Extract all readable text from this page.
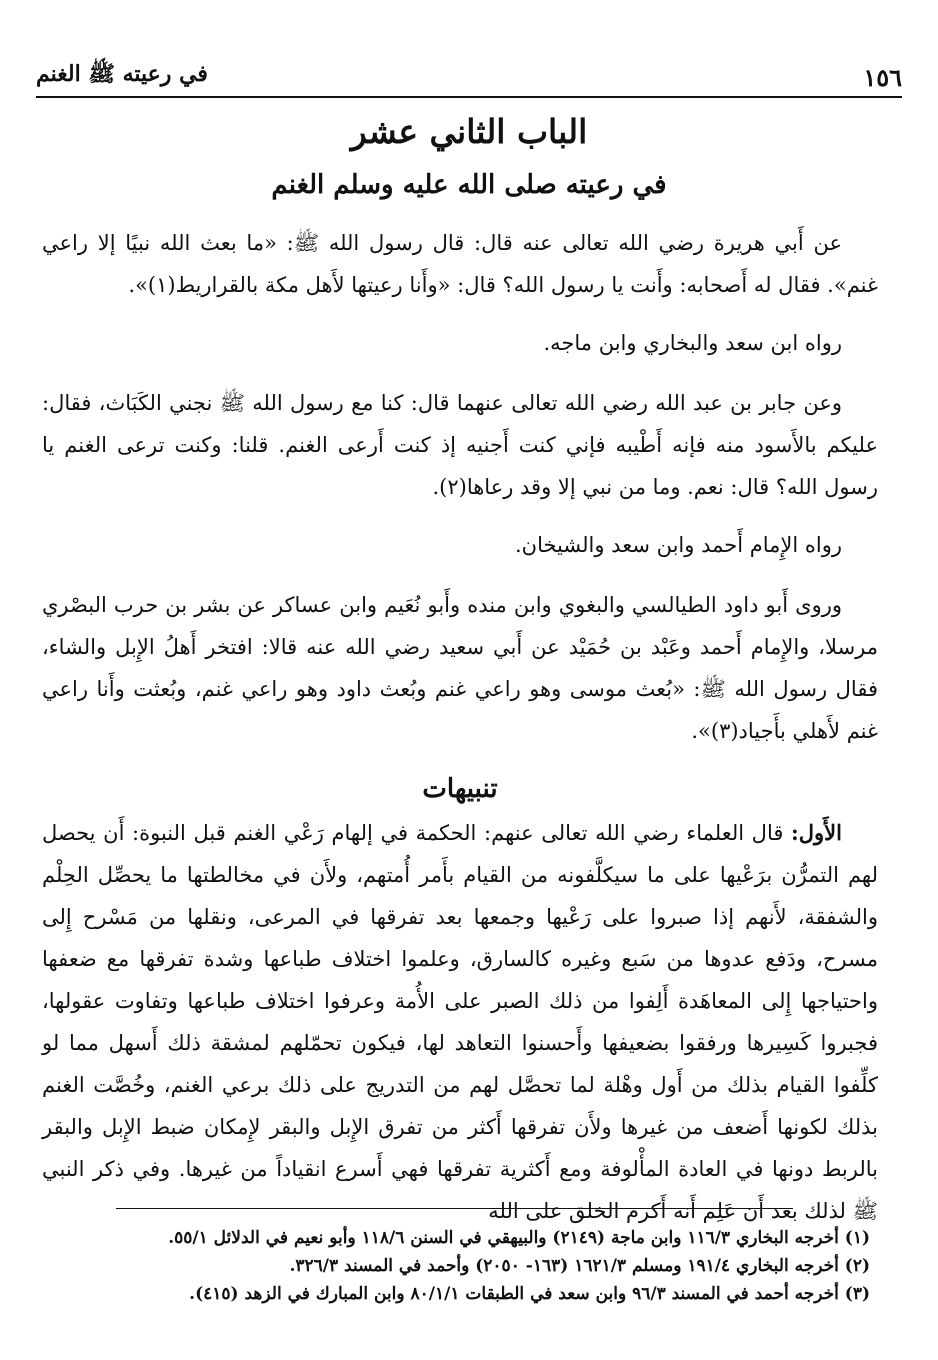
١٥٦
في رعيته ﷺ الغنم
الباب الثاني عشر
في رعيته صلى الله عليه وسلم الغنم

عن أَبي هريرة رضي الله تعالى عنه قال: قال رسول الله ﷺ: «ما بعث الله نبيًا إلا راعي غنم». فقال له أَصحابه: وأَنت يا رسول الله؟ قال: «وأَنا رعيتها لأَهل مكة بالقراريط(١)».

رواه ابن سعد والبخاري وابن ماجه.

وعن جابر بن عبد الله رضي الله تعالى عنهما قال: كنا مع رسول الله ﷺ نجني الكَبَاث، فقال: عليكم بالأَسود منه فإنه أَطْيبه فإني كنت أَجنيه إذ كنت أَرعى الغنم. قلنا: وكنت ترعى الغنم يا رسول الله؟ قال: نعم. وما من نبي إلا وقد رعاها(٢).

رواه الإِمام أَحمد وابن سعد والشيخان.

وروى أَبو داود الطيالسي والبغوي وابن منده وأَبو نُعَيم وابن عساكر عن بشر بن حرب البصْري مرسلا، والإِمام أَحمد وعَبْد بن حُمَيْد عن أَبي سعيد رضي الله عنه قالا: افتخر أَهلُ الإِبل والشاء، فقال رسول الله ﷺ: «بُعث موسى وهو راعي غنم وبُعث داود وهو راعي غنم، وبُعثت وأَنا راعي غنم لأَهلي بأَجياد(٣)».

تنبيهات

الأَول: قال العلماء رضي الله تعالى عنهم: الحكمة في إلهام رَعْي الغنم قبل النبوة: أَن يحصل لهم التمرُّن برَعْيها على ما سيكلَّفونه من القيام بأَمر أُمتهم، ولأَن في مخالطتها ما يحصِّل الحِلْم والشفقة، لأَنهم إذا صبروا على رَعْيها وجمعها بعد تفرقها في المرعى، ونقلها من مَسْرح إِلى مسرح، ودَفع عدوها من سَبع وغيره كالسارق، وعلموا اختلاف طباعها وشدة تفرقها مع ضعفها واحتياجها إِلى المعاهَدة أَلِفوا من ذلك الصبر على الأُمة وعرفوا اختلاف طباعها وتفاوت عقولها، فجبروا كَسِيرها ورفقوا بضعيفها وأَحسنوا التعاهد لها، فيكون تحمّلهم لمشقة ذلك أَسهل مما لو كلِّفوا القيام بذلك من أَول وهْلة لما تحصَّل لهم من التدريج على ذلك برعي الغنم، وخُصَّت الغنم بذلك لكونها أَضعف من غيرها ولأَن تفرقها أَكثر من تفرق الإِبل والبقر لإِمكان ضبط الإِبل والبقر بالربط دونها في العادة المأْلوفة ومع أَكثرية تفرقها فهي أَسرع انقياداً من غيرها. وفي ذكر النبي ﷺ لذلك بعد أَن عَلِم أَنه أَكرم الخلق على الله

(١) أخرجه البخاري ١١٦/٣ وابن ماجة (٢١٤٩) والبيهقي في السنن ١١٨/٦ وأبو نعيم في الدلائل ٥٥/١.
(٢) أخرجه البخاري ١٩١/٤ ومسلم ١٦٢١/٣ (١٦٣- ٢٠٥٠) وأحمد في المسند ٣٢٦/٣.
(٣) أخرجه أحمد في المسند ٩٦/٣ وابن سعد في الطبقات ٨٠/١/١ وابن المبارك في الزهد (٤١٥).
